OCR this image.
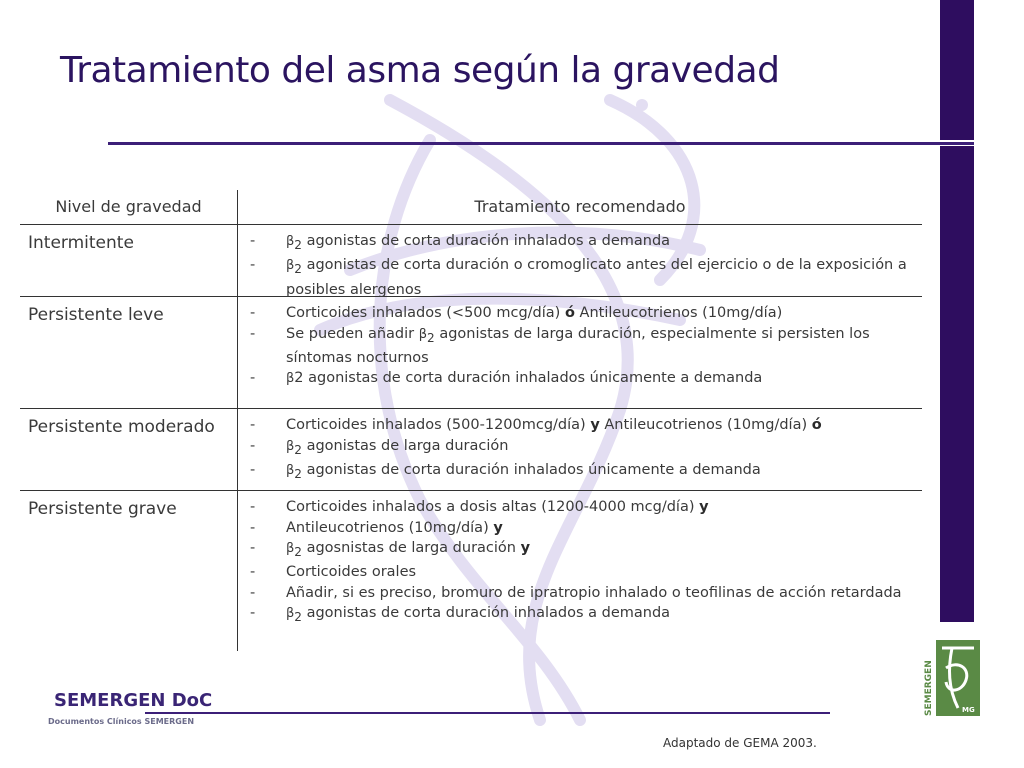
Tratamiento del asma según la gravedad
Nivel de gravedad	Tratamiento recomendado
Intermitente	-	$\beta_2$ agonistas de corta duración inhalados a demanda
-	$\beta_2$ agonistas de corta duración o cromoglicato antes del ejercicio o de la exposición a posibles alergenos
Persistente leve	-	Corticoides inhalados (<500 mcg/día) ó Antileucotrienos (10mg/día)
-	Se pueden añadir $\beta_2$ agonistas de larga duración, especialmente si persisten los síntomas nocturnos
-	β2 agonistas de corta duración inhalados únicamente a demanda
Persistente moderado	-	Corticoides inhalados (500-1200mcg/día) y Antileucotrienos (10mg/día) ó
-	$\beta_2$ agonistas de larga duración
-	$\beta_2$ agonistas de corta duración inhalados únicamente a demanda
Persistente grave	-	Corticoides inhalados a dosis altas (1200-4000 mcg/día) y
-	Antileucotrienos (10mg/día) y
-	$\beta_2$ agosnistas de larga duración y
-	Corticoides orales
-	Añadir, si es preciso, bromuro de ipratropio inhalado o teofilinas de acción retardada
-	$\beta_2$ agonistas de corta duración inhalados a demanda
SEMERGEN DoC
Documentos Clínicos SEMERGEN
Adaptado de GEMA 2003.
SEMERGEN	MG
